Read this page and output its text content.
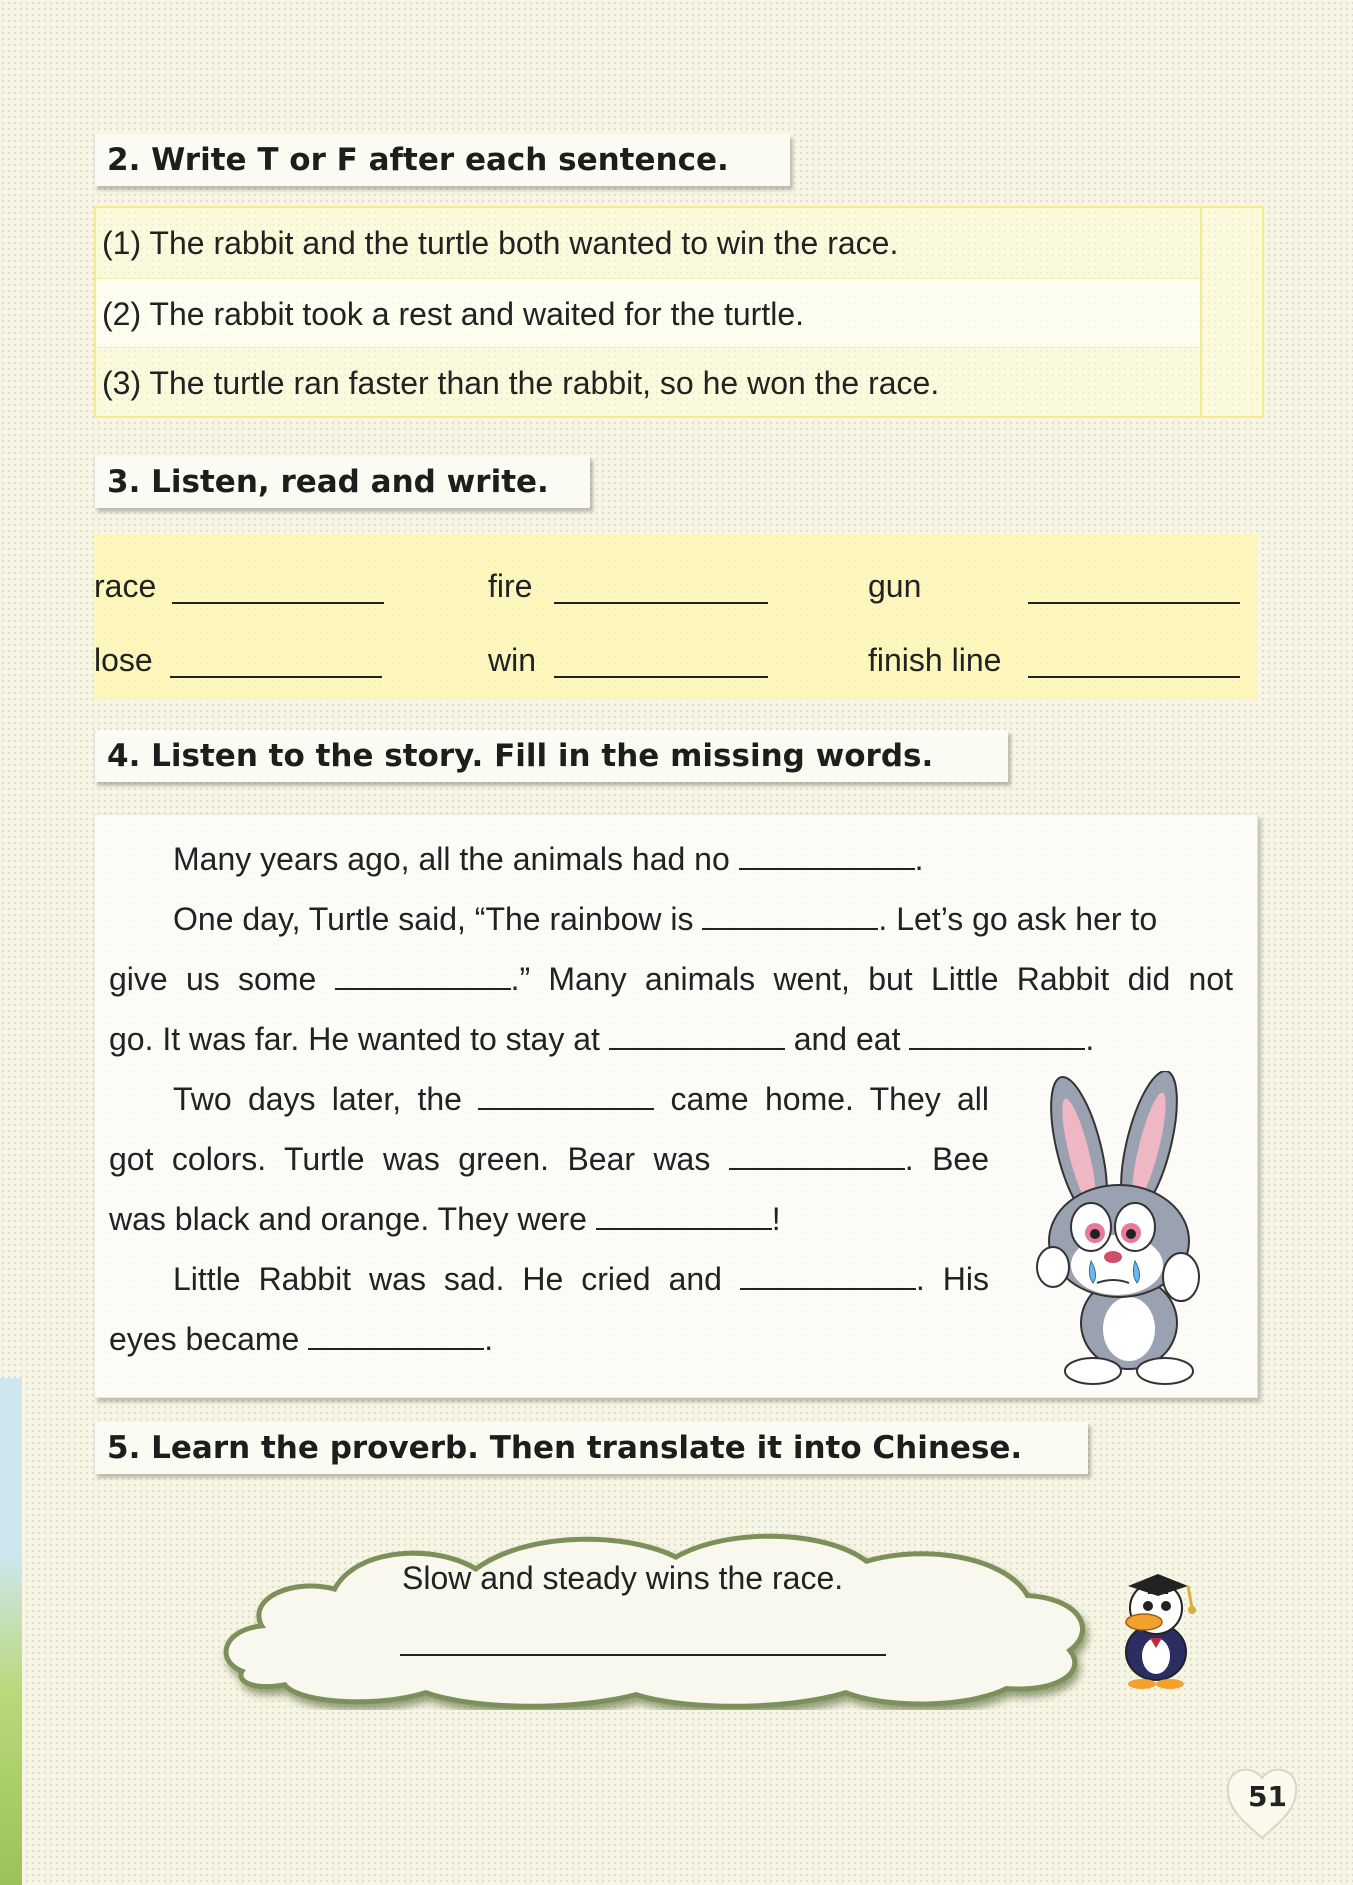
2. Write T or F after each sentence.
(1) The rabbit and the turtle both wanted to win the race.
(2) The rabbit took a rest and waited for the turtle.
(3) The turtle ran faster than the rabbit, so he won the race.
3. Listen, read and write.
race	fire	gun
lose	win	finish line
4. Listen to the story. Fill in the missing words.
Many years ago, all the animals had no	.
One day, Turtle said, “The rainbow is	. Let’s go ask her to
give us some	.” Many animals went, but Little Rabbit did not
go. It was far. He wanted to stay at	and eat	.
Two days later, the	came home. They all
got colors. Turtle was green. Bear was	. Bee
was black and orange. They were	!
Little Rabbit was sad. He cried and	. His
eyes became	.
5. Learn the proverb. Then translate it into Chinese.
Slow and steady wins the race.
51
